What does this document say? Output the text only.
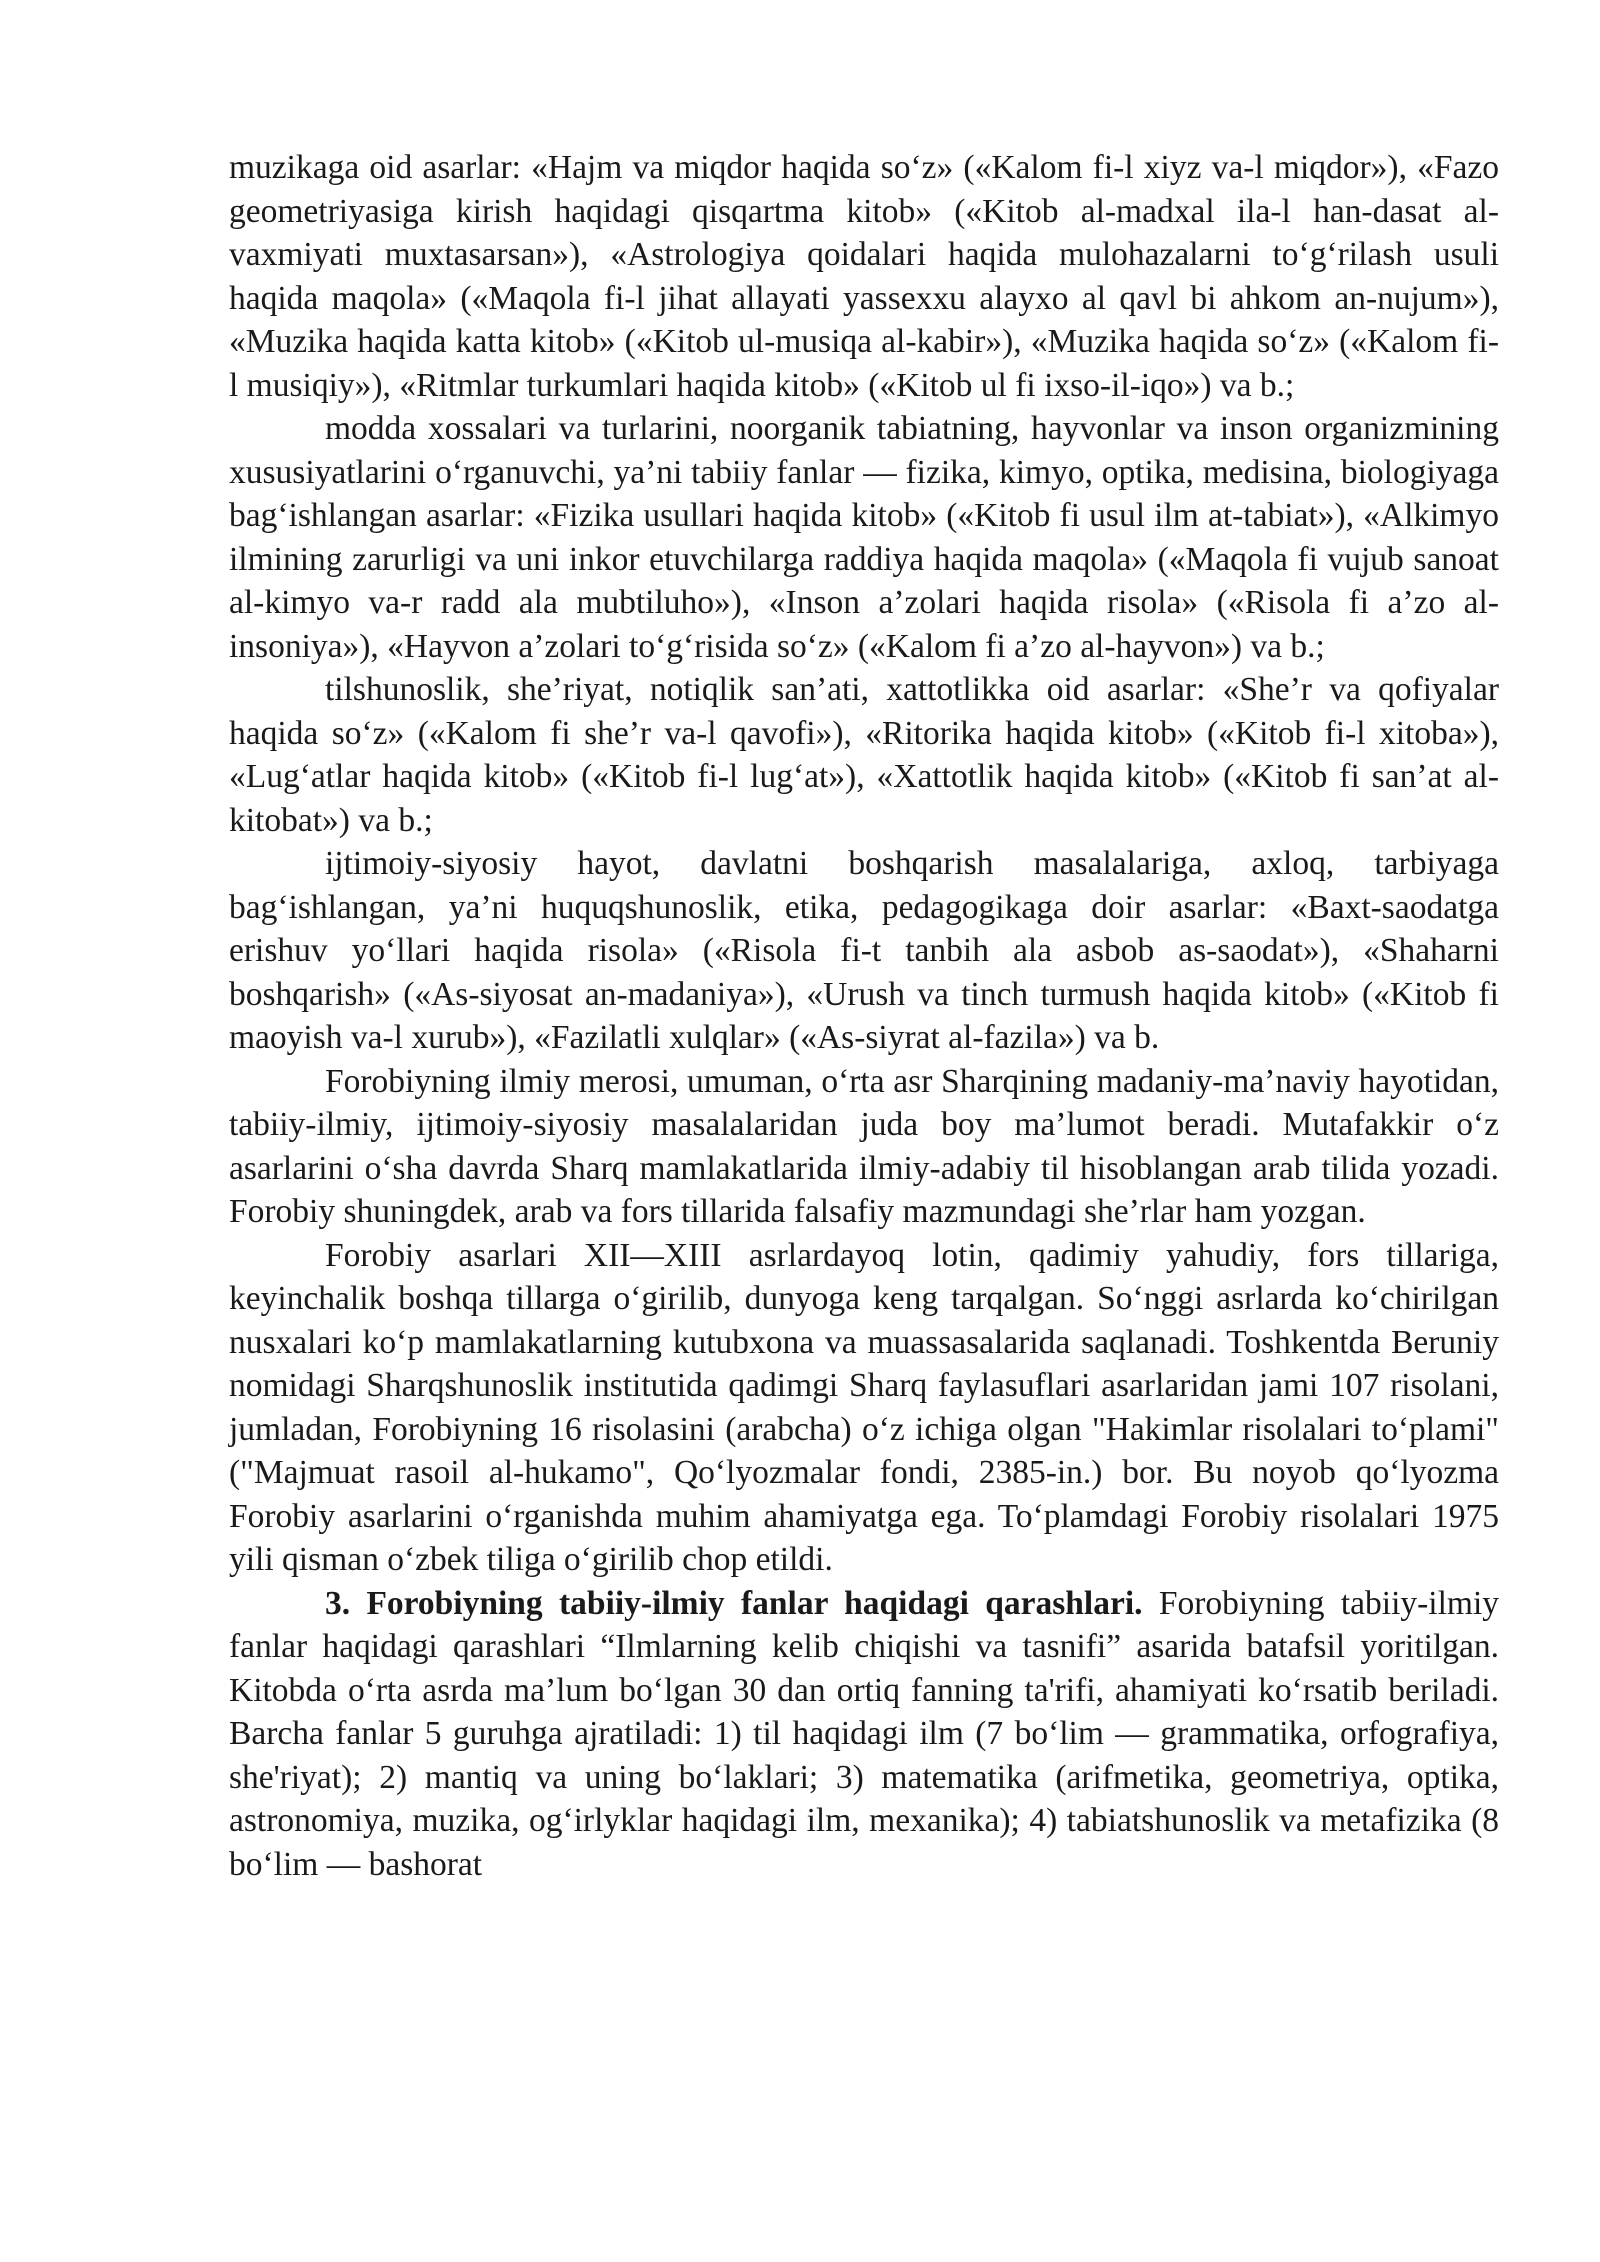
muzikaga oid asarlar: «Hajm va miqdor haqida so‘z» («Kalom fi-l xiyz va-l miqdor»), «Fazo geometriyasiga kirish haqidagi qisqartma kitob» («Kitob al-madxal ila-l han-dasat al-vaxmiyati muxtasarsan»), «Astrologiya qoidalari haqida mulohazalarni to‘g‘rilash usuli haqida maqola» («Maqola fi-l jihat allayati yassexxu alayxo al qavl bi ahkom an-nujum»), «Muzika haqida katta kitob» («Kitob ul-musiqa al-kabir»), «Muzika haqida so‘z» («Kalom fi-l musiqiy»), «Ritmlar turkumlari haqida kitob» («Kitob ul fi ixso-il-iqo») va b.;

modda xossalari va turlarini, noorganik tabiatning, hayvonlar va inson organizmining xususiyatlarini o‘rganuvchi, ya’ni tabiiy fanlar — fizika, kimyo, optika, medisina, biologiyaga bag‘ishlangan asarlar: «Fizika usullari haqida kitob» («Kitob fi usul ilm at-tabiat»), «Alkimyo ilmining zarurligi va uni inkor etuvchilarga raddiya haqida maqola» («Maqola fi vujub sanoat al-kimyo va-r radd ala mubtiluho»), «Inson a’zolari haqida risola» («Risola fi a’zo al-insoniya»), «Hayvon a’zolari to‘g‘risida so‘z» («Kalom fi a’zo al-hayvon») va b.;

tilshunoslik, she’riyat, notiqlik san’ati, xattotlikka oid asarlar: «She’r va qofiyalar haqida so‘z» («Kalom fi she’r va-l qavofi»), «Ritorika haqida kitob» («Kitob fi-l xitoba»), «Lug‘atlar haqida kitob» («Kitob fi-l lug‘at»), «Xattotlik haqida kitob» («Kitob fi san’at al-kitobat») va b.;

ijtimoiy-siyosiy hayot, davlatni boshqarish masalalariga, axloq, tarbiyaga bag‘ishlangan, ya’ni huquqshunoslik, etika, pedagogikaga doir asarlar: «Baxt-saodatga erishuv yo‘llari haqida risola» («Risola fi-t tanbih ala asbob as-saodat»), «Shaharni boshqarish» («As-siyosat an-madaniya»), «Urush va tinch turmush haqida kitob» («Kitob fi maoyish va-l xurub»), «Fazilatli xulqlar» («As-siyrat al-fazila») va b.

Forobiyning ilmiy merosi, umuman, o‘rta asr Sharqining madaniy-ma’naviy hayotidan, tabiiy-ilmiy, ijtimoiy-siyosiy masalalaridan juda boy ma’lumot beradi. Mutafakkir o‘z asarlarini o‘sha davrda Sharq mamlakatlarida ilmiy-adabiy til hisoblangan arab tilida yozadi. Forobiy shuningdek, arab va fors tillarida falsafiy mazmundagi she’rlar ham yozgan.

Forobiy asarlari XII—XIII asrlardayoq lotin, qadimiy yahudiy, fors tillariga, keyinchalik boshqa tillarga o‘girilib, dunyoga keng tarqalgan. So‘nggi asrlarda ko‘chirilgan nusxalari ko‘p mamlakatlarning kutubxona va muassasalarida saqlanadi. Toshkentda Beruniy nomidagi Sharqshunoslik institutida qadimgi Sharq faylasuflari asarlaridan jami 107 risolani, jumladan, Forobiyning 16 risolasini (arabcha) o‘z ichiga olgan "Hakimlar risolalari to‘plami" ("Majmuat rasoil al-hukamo", Qo‘lyozmalar fondi, 2385-in.) bor. Bu noyob qo‘lyozma Forobiy asarlarini o‘rganishda muhim ahamiyatga ega. To‘plamdagi Forobiy risolalari 1975 yili qisman o‘zbek tiliga o‘girilib chop etildi.

3. Forobiyning tabiiy-ilmiy fanlar haqidagi qarashlari. Forobiyning tabiiy-ilmiy fanlar haqidagi qarashlari “Ilmlarning kelib chiqishi va tasnifi” asarida batafsil yoritilgan. Kitobda o‘rta asrda ma’lum bo‘lgan 30 dan ortiq fanning ta'rifi, ahamiyati ko‘rsatib beriladi. Barcha fanlar 5 guruhga ajratiladi: 1) til haqidagi ilm (7 bo‘lim — grammatika, orfografiya, she'riyat); 2) mantiq va uning bo‘laklari; 3) matematika (arifmetika, geometriya, optika, astronomiya, muzika, og‘irlyklar haqidagi ilm, mexanika); 4) tabiatshunoslik va metafizika (8 bo‘lim — bashorat
